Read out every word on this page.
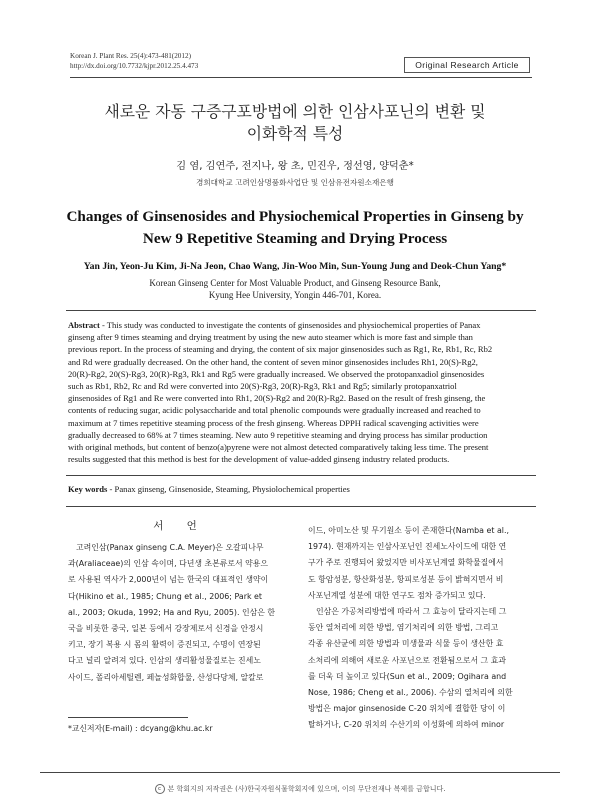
Korean J. Plant Res. 25(4):473-481(2012)
http://dx.doi.org/10.7732/kjpr.2012.25.4.473	Original Research Article
새로운 자동 구증구포방법에 의한 인삼사포닌의 변환 및
이화학적 특성
김 염, 김연주, 전지나, 왕 초, 민진우, 정선영, 양덕춘*
경희대학교 고려인삼명품화사업단 및 인삼유전자원소재은행
Changes of Ginsenosides and Physiochemical Properties in Ginseng by
New 9 Repetitive Steaming and Drying Process
Yan Jin, Yeon-Ju Kim, Ji-Na Jeon, Chao Wang, Jin-Woo Min, Sun-Young Jung and Deok-Chun Yang*
Korean Ginseng Center for Most Valuable Product, and Ginseng Resource Bank,
Kyung Hee University, Yongin 446-701, Korea.
Abstract - This study was conducted to investigate the contents of ginsenosides and physiochemical properties of Panax
ginseng after 9 times steaming and drying treatment by using the new auto steamer which is more fast and simple than
previous report. In the process of steaming and drying, the content of six major ginsenosides such as Rg1, Re, Rb1, Rc, Rb2
and Rd were gradually decreased. On the other hand, the content of seven minor ginsenosides includes Rh1, 20(S)-Rg2,
20(R)-Rg2, 20(S)-Rg3, 20(R)-Rg3, Rk1 and Rg5 were gradually increased. We observed the protopanxadiol ginsenosides
such as Rb1, Rb2, Rc and Rd were converted into 20(S)-Rg3, 20(R)-Rg3, Rk1 and Rg5; similarly protopanxatriol
ginsenosides of Rg1 and Re were converted into Rh1, 20(S)-Rg2 and 20(R)-Rg2. Based on the result of fresh ginseng, the
contents of reducing sugar, acidic polysaccharide and total phenolic compounds were gradually increased and reached to
maximum at 7 times repetitive steaming process of the fresh ginseng. Whereas DPPH radical scavenging activities were
gradually decreased to 68% at 7 times steaming. New auto 9 repetitive steaming and drying process has similar production
with original methods, but content of benzo(a)pyrene were not almost detected comparatively taking less time. The present
results suggested that this method is best for the development of value-added ginseng industry related products.
Key words - Panax ginseng, Ginsenoside, Steaming, Physiolochemical properties
서 언
고려인삼(Panax ginseng C.A. Meyer)은 오갈피나무
과(Araliaceae)의 인삼 속이며, 다년생 초본류로서 약용으
로 사용된 역사가 2,000년이 넘는 한국의 대표적인 생약이
다(Hikino et al., 1985; Chung et al., 2006; Park et
al., 2003; Okuda, 1992; Ha and Ryu, 2005). 인삼은 한
국을 비롯한 중국, 일본 등에서 강장제로서 신경을 안정시
키고, 장기 복용 시 몸의 활력이 증진되고, 수명이 연장된
다고 널리 알려져 있다. 인삼의 생리활성물질로는 진세노
사이드, 폴리아세틸렌, 페놀성화합물, 산성다당체, 알칼로
*교신저자(E-mail) : dcyang@khu.ac.kr
이드, 아미노산 및 무기원소 등이 존재한다(Namba et al.,
1974). 현재까지는 인삼사포닌인 진세노사이드에 대한 연
구가 주로 진행되어 왔었지만 비사포닌계열 화학물질에서
도 항암성분, 항산화성분, 항피로성분 등이 밝혀지면서 비
사포닌계열 성분에 대한 연구도 점차 증가되고 있다.
인삼은 가공처리방법에 따라서 그 효능이 달라지는데 그
동안 열처리에 의한 방법, 염기처리에 의한 방법, 그리고
각종 유산균에 의한 방법과 미생물과 식물 등이 생산한 효
소처리에 의해여 새로운 사포닌으로 전환됨으로서 그 효과
를 더욱 더 높이고 있다(Sun et al., 2009; Ogihara and
Nose, 1986; Cheng et al., 2006). 수삼의 열처리에 의한
방법은 major ginsenoside C-20 위치에 결합한 당이 이
탈하거나, C-20 위치의 수산기의 이성화에 의하여 minor
c 본 학회지의 저작권은 (사)한국자원식물학회지에 있으며, 이의 무단전재나 복제를 금합니다.
